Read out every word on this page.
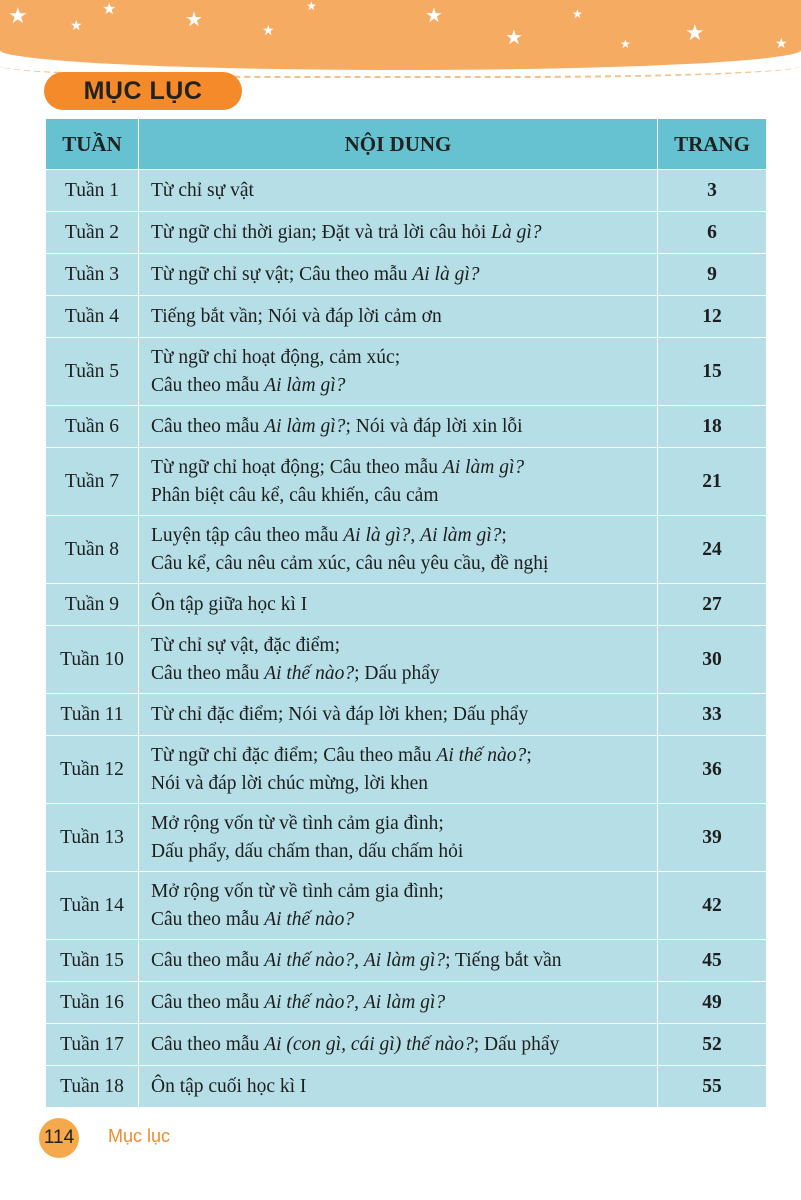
★	★
★	★
★
★	★
★
★
★ ★	★
MỤC LỤC
TUẦN	NỘI DUNG	TRANG
Tuần 1	Từ chỉ sự vật	3
Tuần 2	Từ ngữ chỉ thời gian; Đặt và trả lời câu hỏi Là gì?	6
Tuần 3	Từ ngữ chỉ sự vật; Câu theo mẫu Ai là gì?	9
Tuần 4	Tiếng bắt vần; Nói và đáp lời cảm ơn	12
Tuần 5	Từ ngữ chỉ hoạt động, cảm xúc;
Câu theo mẫu Ai làm gì?	15
Tuần 6	Câu theo mẫu Ai làm gì?; Nói và đáp lời xin lỗi	18
Tuần 7	Từ ngữ chỉ hoạt động; Câu theo mẫu Ai làm gì?
Phân biệt câu kể, câu khiến, câu cảm	21
Tuần 8	Luyện tập câu theo mẫu Ai là gì?, Ai làm gì?;
Câu kể, câu nêu cảm xúc, câu nêu yêu cầu, đề nghị	24
Tuần 9	Ôn tập giữa học kì I	27
Tuần 10	Từ chỉ sự vật, đặc điểm;
Câu theo mẫu Ai thế nào?; Dấu phẩy	30
Tuần 11	Từ chỉ đặc điểm; Nói và đáp lời khen; Dấu phẩy	33
Tuần 12	Từ ngữ chỉ đặc điểm; Câu theo mẫu Ai thế nào?;
Nói và đáp lời chúc mừng, lời khen	36
Tuần 13	Mở rộng vốn từ về tình cảm gia đình;
Dấu phẩy, dấu chấm than, dấu chấm hỏi	39
Tuần 14	Mở rộng vốn từ về tình cảm gia đình;
Câu theo mẫu Ai thế nào?	42
Tuần 15	Câu theo mẫu Ai thế nào?, Ai làm gì?; Tiếng bắt vần	45
Tuần 16	Câu theo mẫu Ai thế nào?, Ai làm gì?	49
Tuần 17	Câu theo mẫu Ai (con gì, cái gì) thế nào?; Dấu phẩy	52
Tuần 18	Ôn tập cuối học kì I	55
114 Mục lục
